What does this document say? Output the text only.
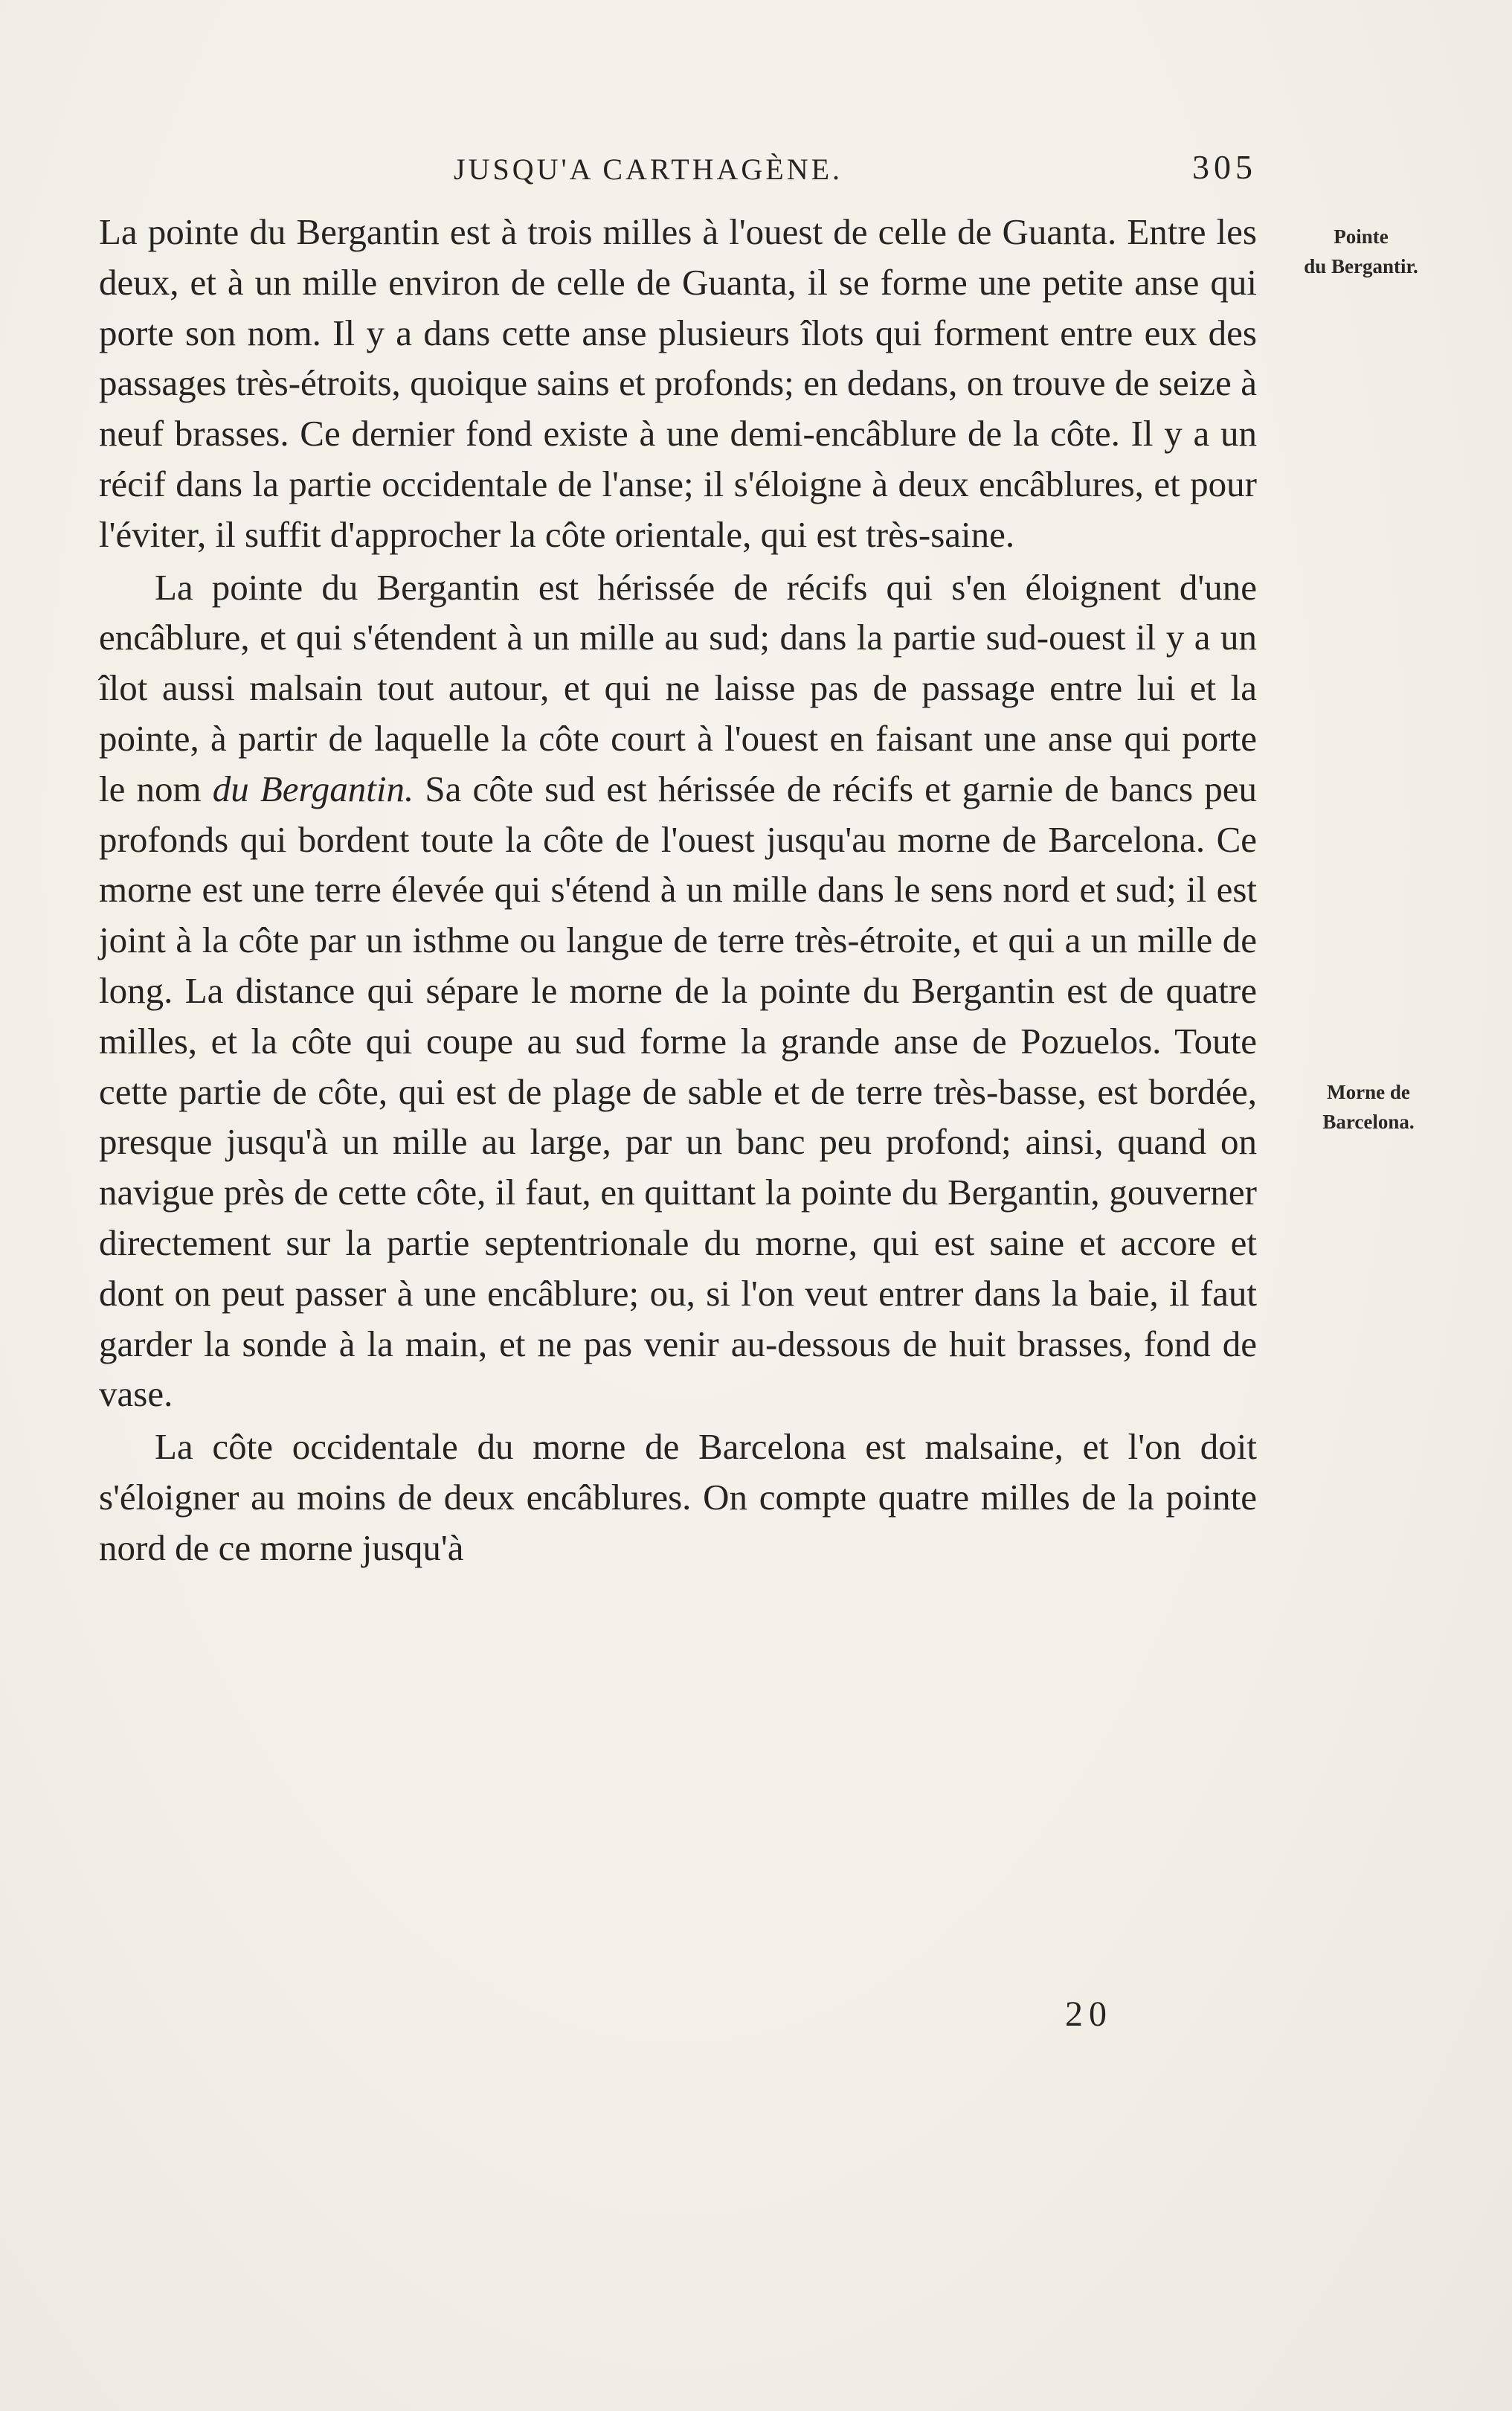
JUSQU'A CARTHAGÈNE.	305
Pointe
du Bergantir.
Morne de
Barcelona.

La pointe du Bergantin est à trois milles à l'ouest de celle de Guanta. Entre les deux, et à un mille environ de celle de Guanta, il se forme une petite anse qui porte son nom. Il y a dans cette anse plusieurs îlots qui forment entre eux des passages très-étroits, quoique sains et profonds; en dedans, on trouve de seize à neuf brasses. Ce dernier fond existe à une demi-encâblure de la côte. Il y a un récif dans la partie occidentale de l'anse; il s'éloigne à deux encâblures, et pour l'éviter, il suffit d'approcher la côte orientale, qui est très-saine.

La pointe du Bergantin est hérissée de récifs qui s'en éloignent d'une encâblure, et qui s'étendent à un mille au sud; dans la partie sud-ouest il y a un îlot aussi malsain tout autour, et qui ne laisse pas de passage entre lui et la pointe, à partir de laquelle la côte court à l'ouest en faisant une anse qui porte le nom du Bergantin. Sa côte sud est hérissée de récifs et garnie de bancs peu profonds qui bordent toute la côte de l'ouest jusqu'au morne de Barcelona. Ce morne est une terre élevée qui s'étend à un mille dans le sens nord et sud; il est joint à la côte par un isthme ou langue de terre très-étroite, et qui a un mille de long. La distance qui sépare le morne de la pointe du Bergantin est de quatre milles, et la côte qui coupe au sud forme la grande anse de Pozuelos. Toute cette partie de côte, qui est de plage de sable et de terre très-basse, est bordée, presque jusqu'à un mille au large, par un banc peu profond; ainsi, quand on navigue près de cette côte, il faut, en quittant la pointe du Bergantin, gouverner directement sur la partie septentrionale du morne, qui est saine et accore et dont on peut passer à une encâblure; ou, si l'on veut entrer dans la baie, il faut garder la sonde à la main, et ne pas venir au-dessous de huit brasses, fond de vase.

La côte occidentale du morne de Barcelona est malsaine, et l'on doit s'éloigner au moins de deux encâblures. On compte quatre milles de la pointe nord de ce morne jusqu'à

20
